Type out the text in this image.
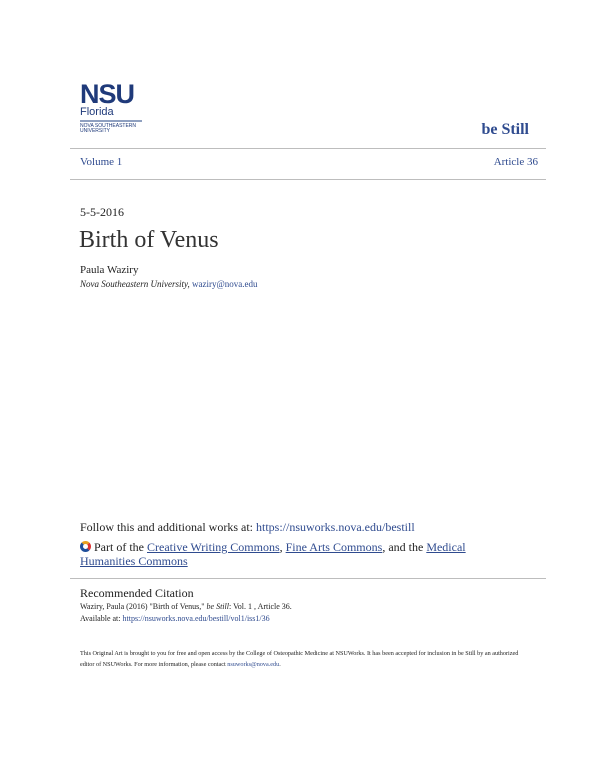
NSU
Florida
NOVA SOUTHEASTERN
UNIVERSITY	be Still
Volume 1	Article 36
5-5-2016
Birth of Venus
Paula Waziry
Nova Southeastern University, waziry@nova.edu
Follow this and additional works at: https://nsuworks.nova.edu/bestill
Part of the Creative Writing Commons, Fine Arts Commons, and the Medical Humanities Commons
Recommended Citation
Waziry, Paula (2016) "Birth of Venus," be Still: Vol. 1 , Article 36.
Available at: https://nsuworks.nova.edu/bestill/vol1/iss1/36
This Original Art is brought to you for free and open access by the College of Osteopathic Medicine at NSUWorks. It has been accepted for inclusion in be Still by an authorized editor of NSUWorks. For more information, please contact nsuworks@nova.edu.
